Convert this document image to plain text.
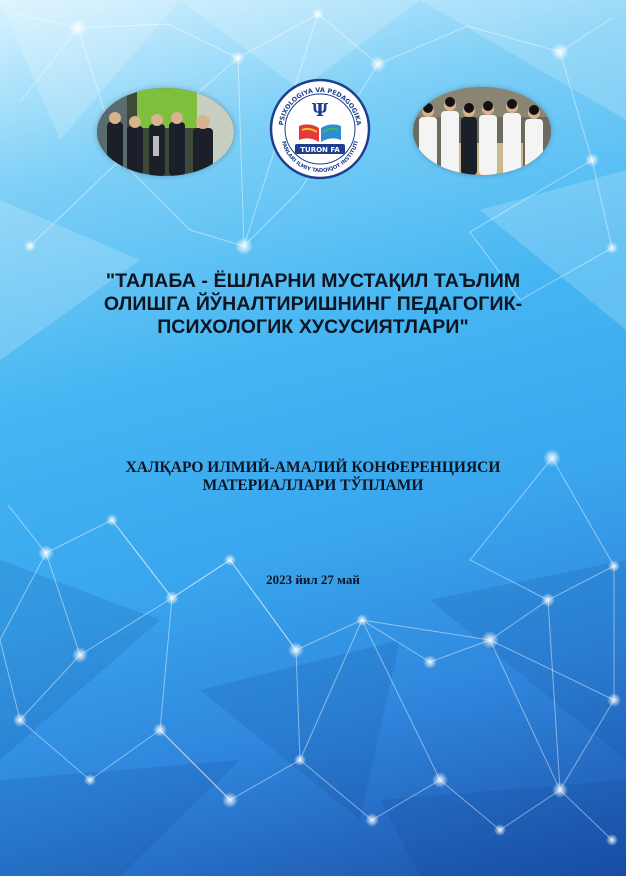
PSIXOLOGIYA VA PEDAGOGIKA
FANLARI ILMIY TADQIQOT INSTITUTI
Ψ
TURON FA
"ТАЛАБА - ЁШЛАРНИ МУСТАҚИЛ ТАЪЛИМ
ОЛИШГА ЙЎНАЛТИРИШНИНГ ПЕДАГОГИК-
ПСИХОЛОГИК ХУСУСИЯТЛАРИ"
ХАЛҚАРО ИЛМИЙ-АМАЛИЙ КОНФЕРЕНЦИЯСИ
МАТЕРИАЛЛАРИ ТЎПЛАМИ
2023 йил 27 май
